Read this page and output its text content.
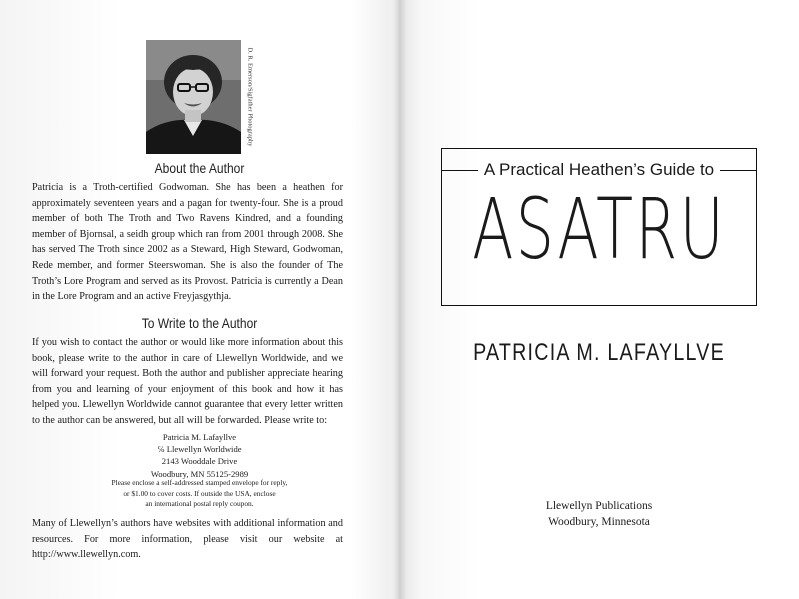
D. R. Emerson/Sigfather Photography
About the Author

Patricia is a Troth-certified Godwoman. She has been a heathen for approximately seventeen years and a pagan for twenty-four. She is a proud member of both The Troth and Two Ravens Kindred, and a founding member of Bjornsal, a seidh group which ran from 2001 through 2008. She has served The Troth since 2002 as a Steward, High Steward, Godwoman, Rede member, and former Steerswoman. She is also the founder of The Troth’s Lore Program and served as its Provost. Patricia is currently a Dean in the Lore Program and an active Freyjasgythja.

To Write to the Author

If you wish to contact the author or would like more information about this book, please write to the author in care of Llewellyn Worldwide, and we will forward your request. Both the author and publisher appreciate hearing from you and learning of your enjoyment of this book and how it has helped you. Llewellyn Worldwide cannot guarantee that every letter written to the author can be answered, but all will be forwarded. Please write to:

Patricia M. Lafayllve
℅ Llewellyn Worldwide
2143 Wooddale Drive
Woodbury, MN 55125-2989
Please enclose a self-addressed stamped envelope for reply,
or $1.00 to cover costs. If outside the USA, enclose
an international postal reply coupon.

Many of Llewellyn’s authors have websites with additional information and resources. For more information, please visit our website at http://www.llewellyn.com.

A Practical Heathen’s Guide to
ASATRU
PATRICIA M. LAFAYLLVE
Llewellyn Publications
Woodbury, Minnesota
